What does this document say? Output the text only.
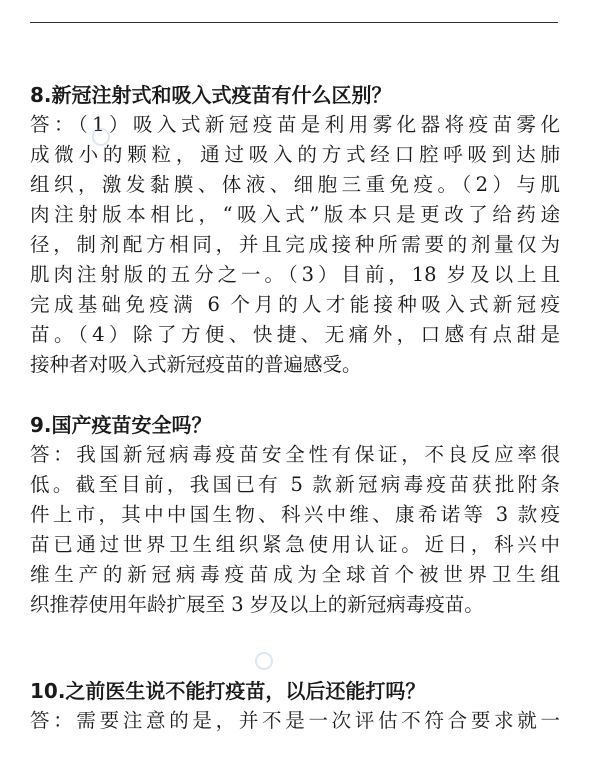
8.新冠注射式和吸入式疫苗有什么区别？
答：（1）吸入式新冠疫苗是利用雾化器将疫苗雾化
成微小的颗粒，通过吸入的方式经口腔呼吸到达肺
组织，激发黏膜、体液、细胞三重免疫。（2）与肌
肉注射版本相比，“吸入式”版本只是更改了给药途
径，制剂配方相同，并且完成接种所需要的剂量仅为
肌肉注射版的五分之一。（3）目前，18 岁及以上且
完成基础免疫满 6 个月的人才能接种吸入式新冠疫
苗。（4）除了方便、快捷、无痛外，口感有点甜是
接种者对吸入式新冠疫苗的普遍感受。
9.国产疫苗安全吗？
答：我国新冠病毒疫苗安全性有保证，不良反应率很
低。截至目前，我国已有 5 款新冠病毒疫苗获批附条
件上市，其中中国生物、科兴中维、康希诺等 3 款疫
苗已通过世界卫生组织紧急使用认证。近日，科兴中
维生产的新冠病毒疫苗成为全球首个被世界卫生组
织推荐使用年龄扩展至 3 岁及以上的新冠病毒疫苗。
10.之前医生说不能打疫苗，以后还能打吗？
答：需要注意的是，并不是一次评估不符合要求就一
